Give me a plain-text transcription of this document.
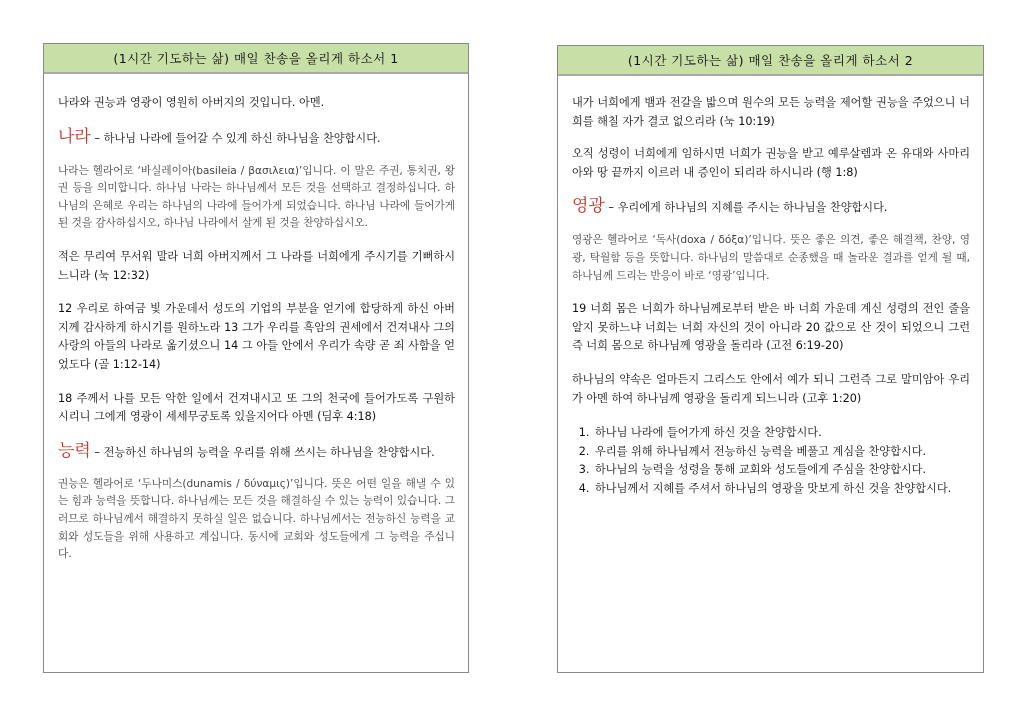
(1시간 기도하는 삶) 매일 찬송을 올리게 하소서 1

나라와 권능과 영광이 영원히 아버지의 것입니다. 아멘.

나라 – 하나님 나라에 들어갈 수 있게 하신 하나님을 찬양합시다.

나라는 헬라어로 ‘바실레이아(basileia / βασιλεια)’입니다. 이 말은 주권, 통치권, 왕권 등을 의미합니다. 하나님 나라는 하나님께서 모든 것을 선택하고 결정하십니다. 하나님의 은혜로 우리는 하나님의 나라에 들어가게 되었습니다. 하나님 나라에 들어가게 된 것을 감사하십시오, 하나님 나라에서 살게 된 것을 찬양하십시오.

적은 무리여 무서워 말라 너희 아버지께서 그 나라를 너희에게 주시기를 기뻐하시느니라 (눅 12:32)

12 우리로 하여금 빛 가운데서 성도의 기업의 부분을 얻기에 합당하게 하신 아버지께 감사하게 하시기를 원하노라 13 그가 우리를 흑암의 권세에서 건져내사 그의 사랑의 아들의 나라로 옮기셨으니 14 그 아들 안에서 우리가 속량 곧 죄 사함을 얻었도다 (골 1:12-14)

18 주께서 나를 모든 악한 일에서 건져내시고 또 그의 천국에 들어가도록 구원하시리니 그에게 영광이 세세무궁토록 있을지어다 아멘 (딤후 4:18)

능력 – 전능하신 하나님의 능력을 우리를 위해 쓰시는 하나님을 찬양합시다.

권능은 헬라어로 ‘두나미스(dunamis / δύναμις)’입니다. 뜻은 어떤 일을 해낼 수 있는 힘과 능력을 뜻합니다. 하나님께는 모든 것을 해결하실 수 있는 능력이 있습니다. 그러므로 하나님께서 해결하지 못하실 일은 없습니다. 하나님께서는 전능하신 능력을 교회와 성도들을 위해 사용하고 계십니다. 동시에 교회와 성도들에게 그 능력을 주십니다.

(1시간 기도하는 삶) 매일 찬송을 올리게 하소서 2

내가 너희에게 뱀과 전갈을 밟으며 원수의 모든 능력을 제어할 권능을 주었으니 너희를 해칠 자가 결코 없으리라 (눅 10:19)

오직 성령이 너희에게 임하시면 너희가 권능을 받고 예루살렘과 온 유대와 사마리아와 땅 끝까지 이르러 내 증인이 되리라 하시니라 (행 1:8)

영광 – 우리에게 하나님의 지혜를 주시는 하나님을 찬양합시다.

영광은 헬라어로 ‘독사(doxa / δόξα)’입니다. 뜻은 좋은 의견, 좋은 해결책, 찬양, 영광, 탁월함 등을 뜻합니다. 하나님의 말씀대로 순종했을 때 놀라운 결과를 얻게 될 때, 하나님께 드리는 반응이 바로 ‘영광’입니다.

19 너희 몸은 너희가 하나님께로부터 받은 바 너희 가운데 계신 성령의 전인 줄을 알지 못하느냐 너희는 너희 자신의 것이 아니라 20 값으로 산 것이 되었으니 그런즉 너희 몸으로 하나님께 영광을 돌리라 (고전 6:19-20)

하나님의 약속은 얼마든지 그리스도 안에서 예가 되니 그런즉 그로 말미암아 우리가 아멘 하여 하나님께 영광을 돌리게 되느니라 (고후 1:20)

1. 하나님 나라에 들어가게 하신 것을 찬양합시다.
2. 우리를 위해 하나님께서 전능하신 능력을 베풀고 계심을 찬양합시다.
3. 하나님의 능력을 성령을 통해 교회와 성도들에게 주심을 찬양합시다.
4. 하나님께서 지혜를 주셔서 하나님의 영광을 맛보게 하신 것을 찬양합시다.
